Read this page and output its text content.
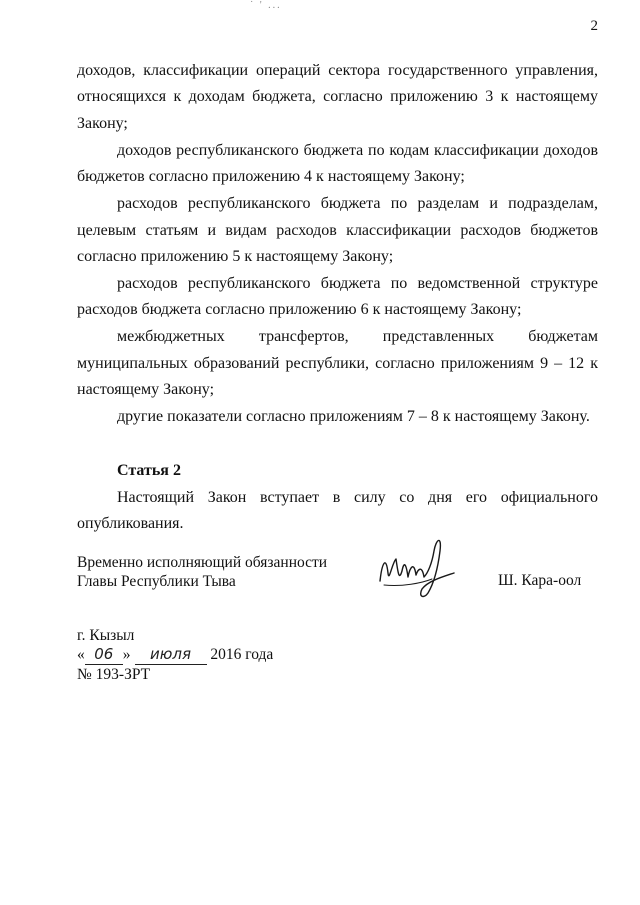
˙ ' ...
2

доходов, классификации операций сектора государственного управления, относящихся к доходам бюджета, согласно приложению 3 к настоящему Закону;

доходов республиканского бюджета по кодам классификации доходов бюджетов согласно приложению 4 к настоящему Закону;

расходов республиканского бюджета по разделам и подразделам, целевым статьям и видам расходов классификации расходов бюджетов согласно приложению 5 к настоящему Закону;

расходов республиканского бюджета по ведомственной структуре расходов бюджета согласно приложению 6 к настоящему Закону;

межбюджетных трансфертов, представленных бюджетам муниципальных образований республики, согласно приложениям 9 – 12 к настоящему Закону;

другие показатели согласно приложениям 7 – 8 к настоящему Закону.

Статья 2

Настоящий Закон вступает в силу со дня его официального опубликования.

Временно исполняющий обязанности
Главы Республики Тыва	Ш. Кара-оол
г. Кызыл
« 06 » июля 2016 года
№ 193-ЗРТ
